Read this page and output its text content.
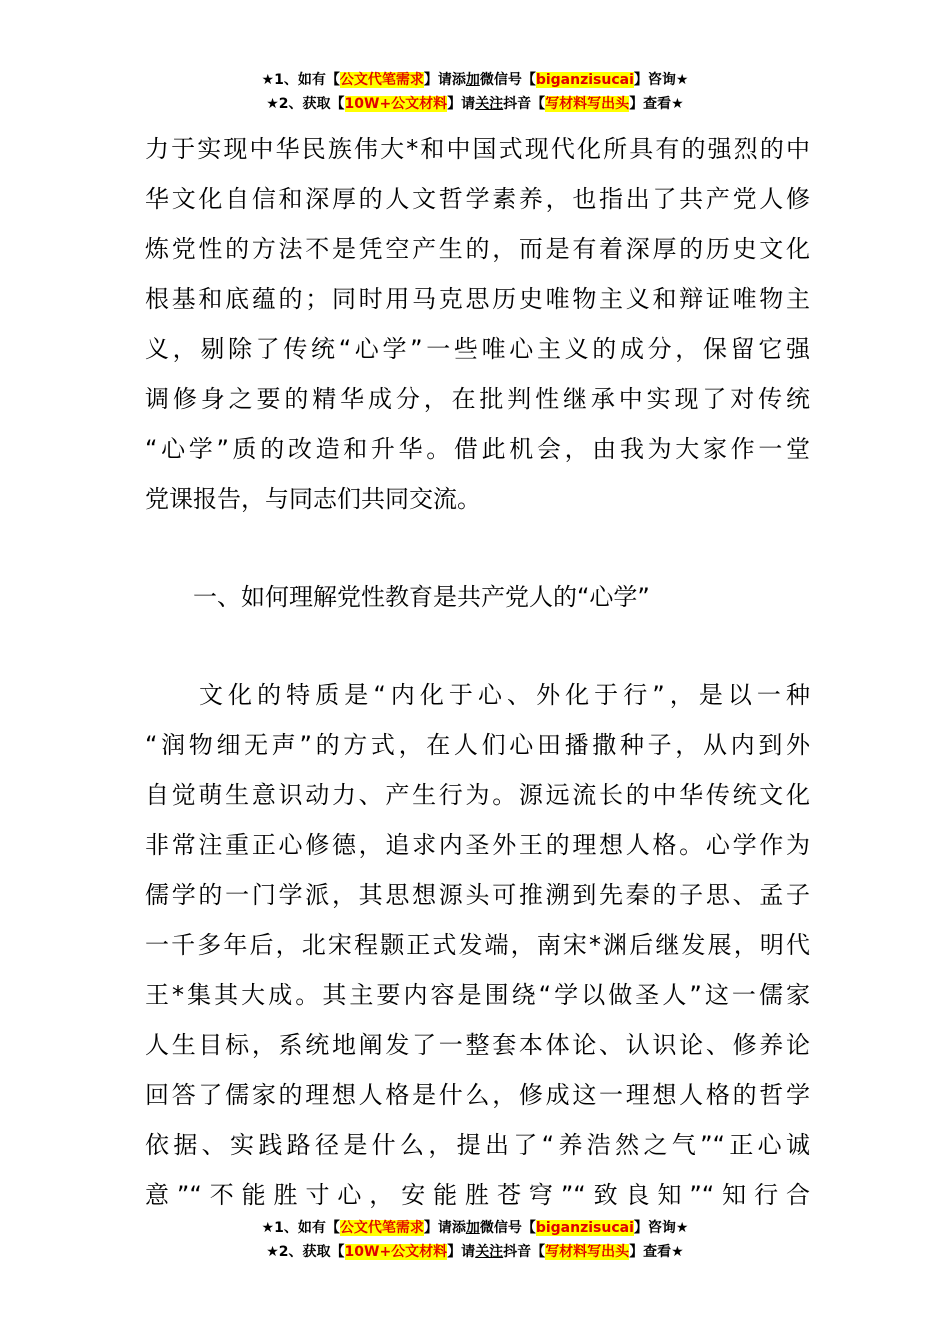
★1、如有【公文代笔需求】请添加微信号【biganzisucai】咨询★
★2、获取【10W+公文材料】请关注抖音【写材料写出头】查看★
力于实现中华民族伟大*和中国式现代化所具有的强烈的中
华文化自信和深厚的人文哲学素养，也指出了共产党人修
炼党性的方法不是凭空产生的，而是有着深厚的历史文化
根基和底蕴的；同时用马克思历史唯物主义和辩证唯物主
义，剔除了传统“心学”一些唯心主义的成分，保留它强
调修身之要的精华成分，在批判性继承中实现了对传统
“心学”质的改造和升华。借此机会，由我为大家作一堂
党课报告，与同志们共同交流。
一、如何理解党性教育是共产党人的“心学”
文化的特质是“内化于心、外化于行”，是以一种
“润物细无声”的方式，在人们心田播撒种子，从内到外
自觉萌生意识动力、产生行为。源远流长的中华传统文化
非常注重正心修德，追求内圣外王的理想人格。心学作为
儒学的一门学派，其思想源头可推溯到先秦的子思、孟子
一千多年后，北宋程颢正式发端，南宋*渊后继发展，明代
王*集其大成。其主要内容是围绕“学以做圣人”这一儒家
人生目标，系统地阐发了一整套本体论、认识论、修养论
回答了儒家的理想人格是什么，修成这一理想人格的哲学
依据、实践路径是什么，提出了“养浩然之气”“正心诚
意”“不能胜寸心，安能胜苍穹”“致良知”“知行合
★1、如有【公文代笔需求】请添加微信号【biganzisucai】咨询★
★2、获取【10W+公文材料】请关注抖音【写材料写出头】查看★
